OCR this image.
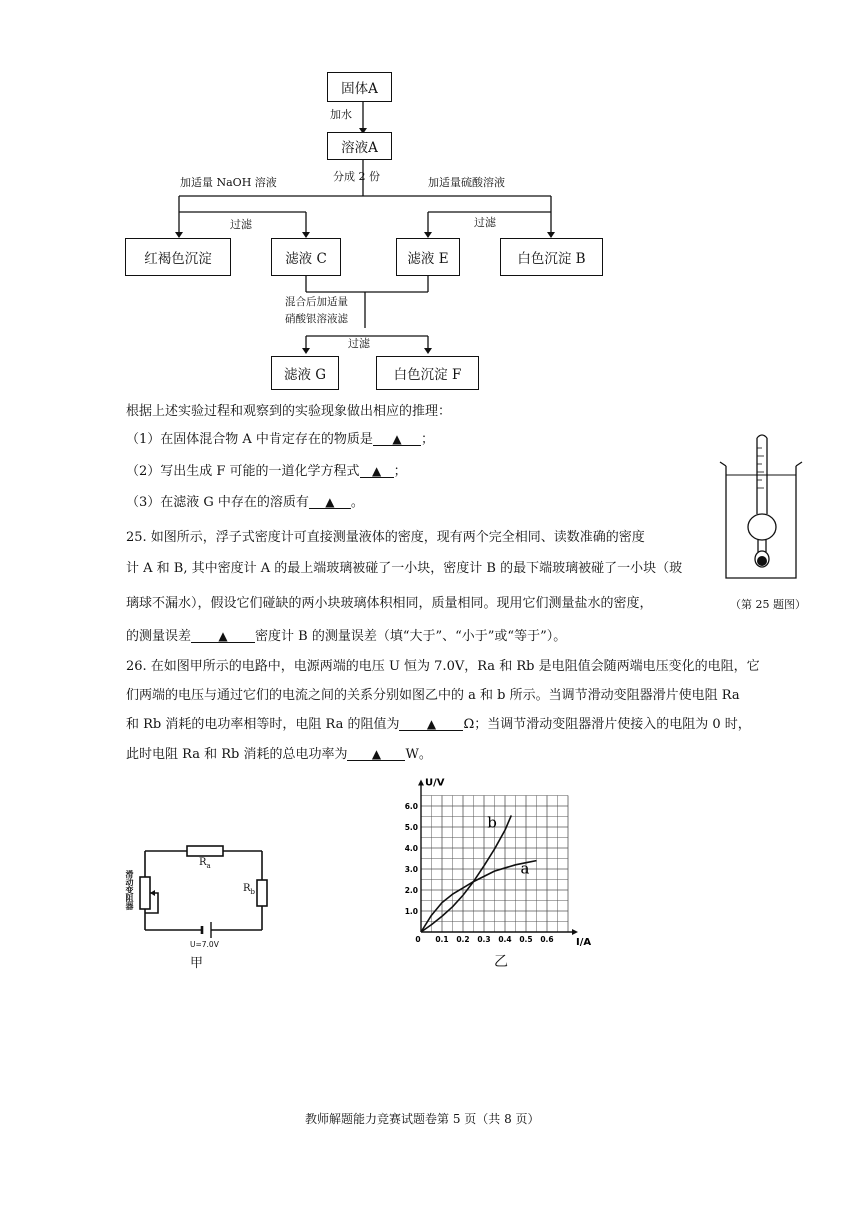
固体A
加水
溶液A
分成 2 份
加适量 NaOH 溶液	加适量硫酸溶液
过滤	过滤
红褐色沉淀	滤液 C	滤液 E	白色沉淀 B
混合后加适量
硝酸银溶液滤
过滤
滤液 G	白色沉淀 F
根据上述实验过程和观察到的实验现象做出相应的推理：
（1）在固体混合物 A 中肯定存在的物质是 ▲ ；
（2）写出生成 F 可能的一道化学方程式 ▲ ；
（3）在滤液 G 中存在的溶质有 ▲ 。
25. 如图所示，浮子式密度计可直接测量液体的密度，现有两个完全相同、读数准确的密度
计 A 和 B, 其中密度计 A 的最上端玻璃被碰了一小块，密度计 B 的最下端玻璃被碰了一小块（玻
璃球不漏水），假设它们碰缺的两小块玻璃体积相同，质量相同。现用它们测量盐水的密度，	（第 25 题图）
的测量误差 ▲ 密度计 B 的测量误差（填“大于”、“小于”或“等于”）。
26. 在如图甲所示的电路中，电源两端的电压 U 恒为 7.0V，Ra 和 Rb 是电阻值会随两端电压变化的电阻，它
们两端的电压与通过它们的电流之间的关系分别如图乙中的 a 和 b 所示。当调节滑动变阻器滑片使电阻 Ra
和 Rb 消耗的电功率相等时，电阻 Ra 的阻值为 ▲ Ω；当调节滑动变阻器滑片使接入的电阻为 0 时，
此时电阻 Ra 和 Rb 消耗的总电功率为 ▲ W。
$R_a$
$R_b$
滑动变阻器
U=7.0V
甲
0 0.1 0.2 0.3 0.4 0.5 0.6
1.0
2.0
3.0
4.0
5.0
6.0
I/A
U/V
a
b
乙
教师解题能力竞赛试题卷第 5 页（共 8 页）
